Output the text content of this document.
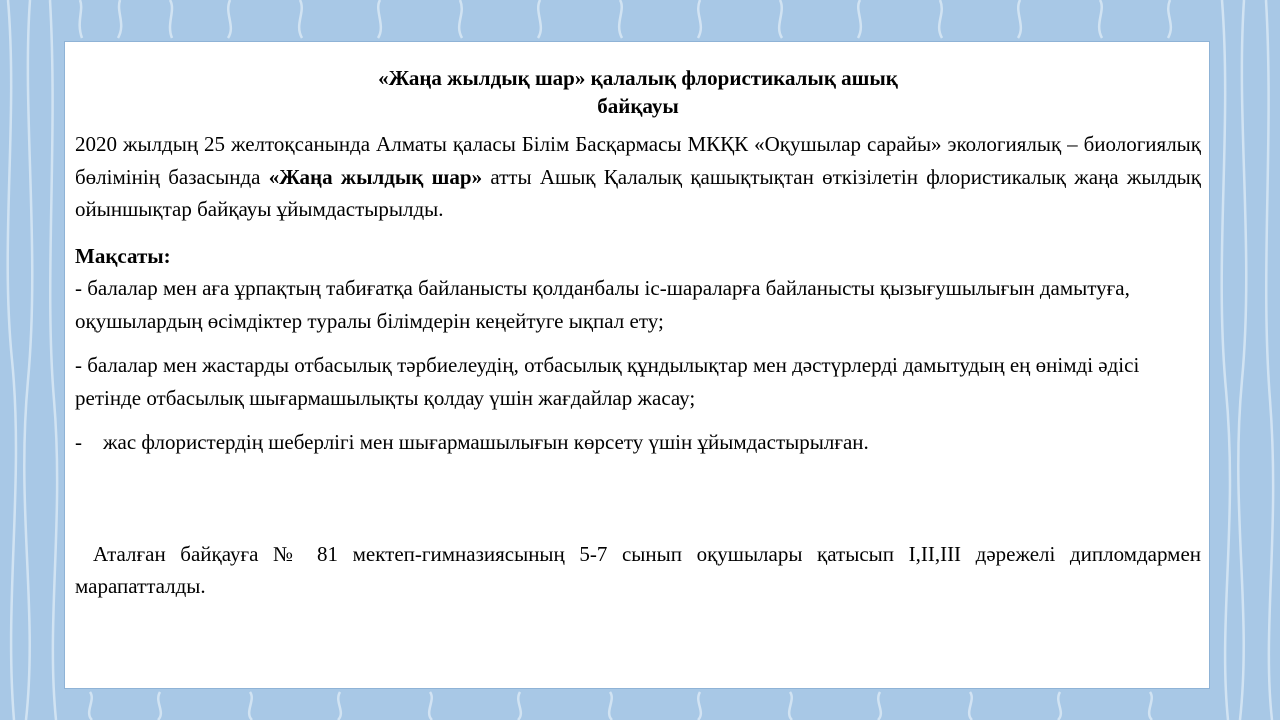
«Жаңа жылдық шар» қалалық флористикалық ашық
байқауы

2020 жылдың 25 желтоқсанында Алматы қаласы Білім Басқармасы МКҚК «Оқушылар сарайы» экологиялық – биологиялық бөлімінің базасында «Жаңа жылдық шар» атты Ашық Қалалық қашықтықтан өткізілетін флористикалық жаңа жылдық ойыншықтар байқауы ұйымдастырылды.

Мақсаты:

- балалар мен аға ұрпақтың табиғатқа байланысты қолданбалы іс-шараларға байланысты қызығушылығын дамытуға, оқушылардың өсімдіктер туралы білімдерін кеңейтуге ықпал ету;

- балалар мен жастарды отбасылық тәрбиелеудің, отбасылық құндылықтар мен дәстүрлерді дамытудың ең өнімді әдісі ретінде отбасылық шығармашылықты қолдау үшін жағдайлар жасау;

- жас флористердің шеберлігі мен шығармашылығын көрсету үшін ұйымдастырылған.

Аталған байқауға № 81 мектеп-гимназиясының 5-7 сынып оқушылары қатысып I,II,III дәрежелі дипломдармен марапатталды.
